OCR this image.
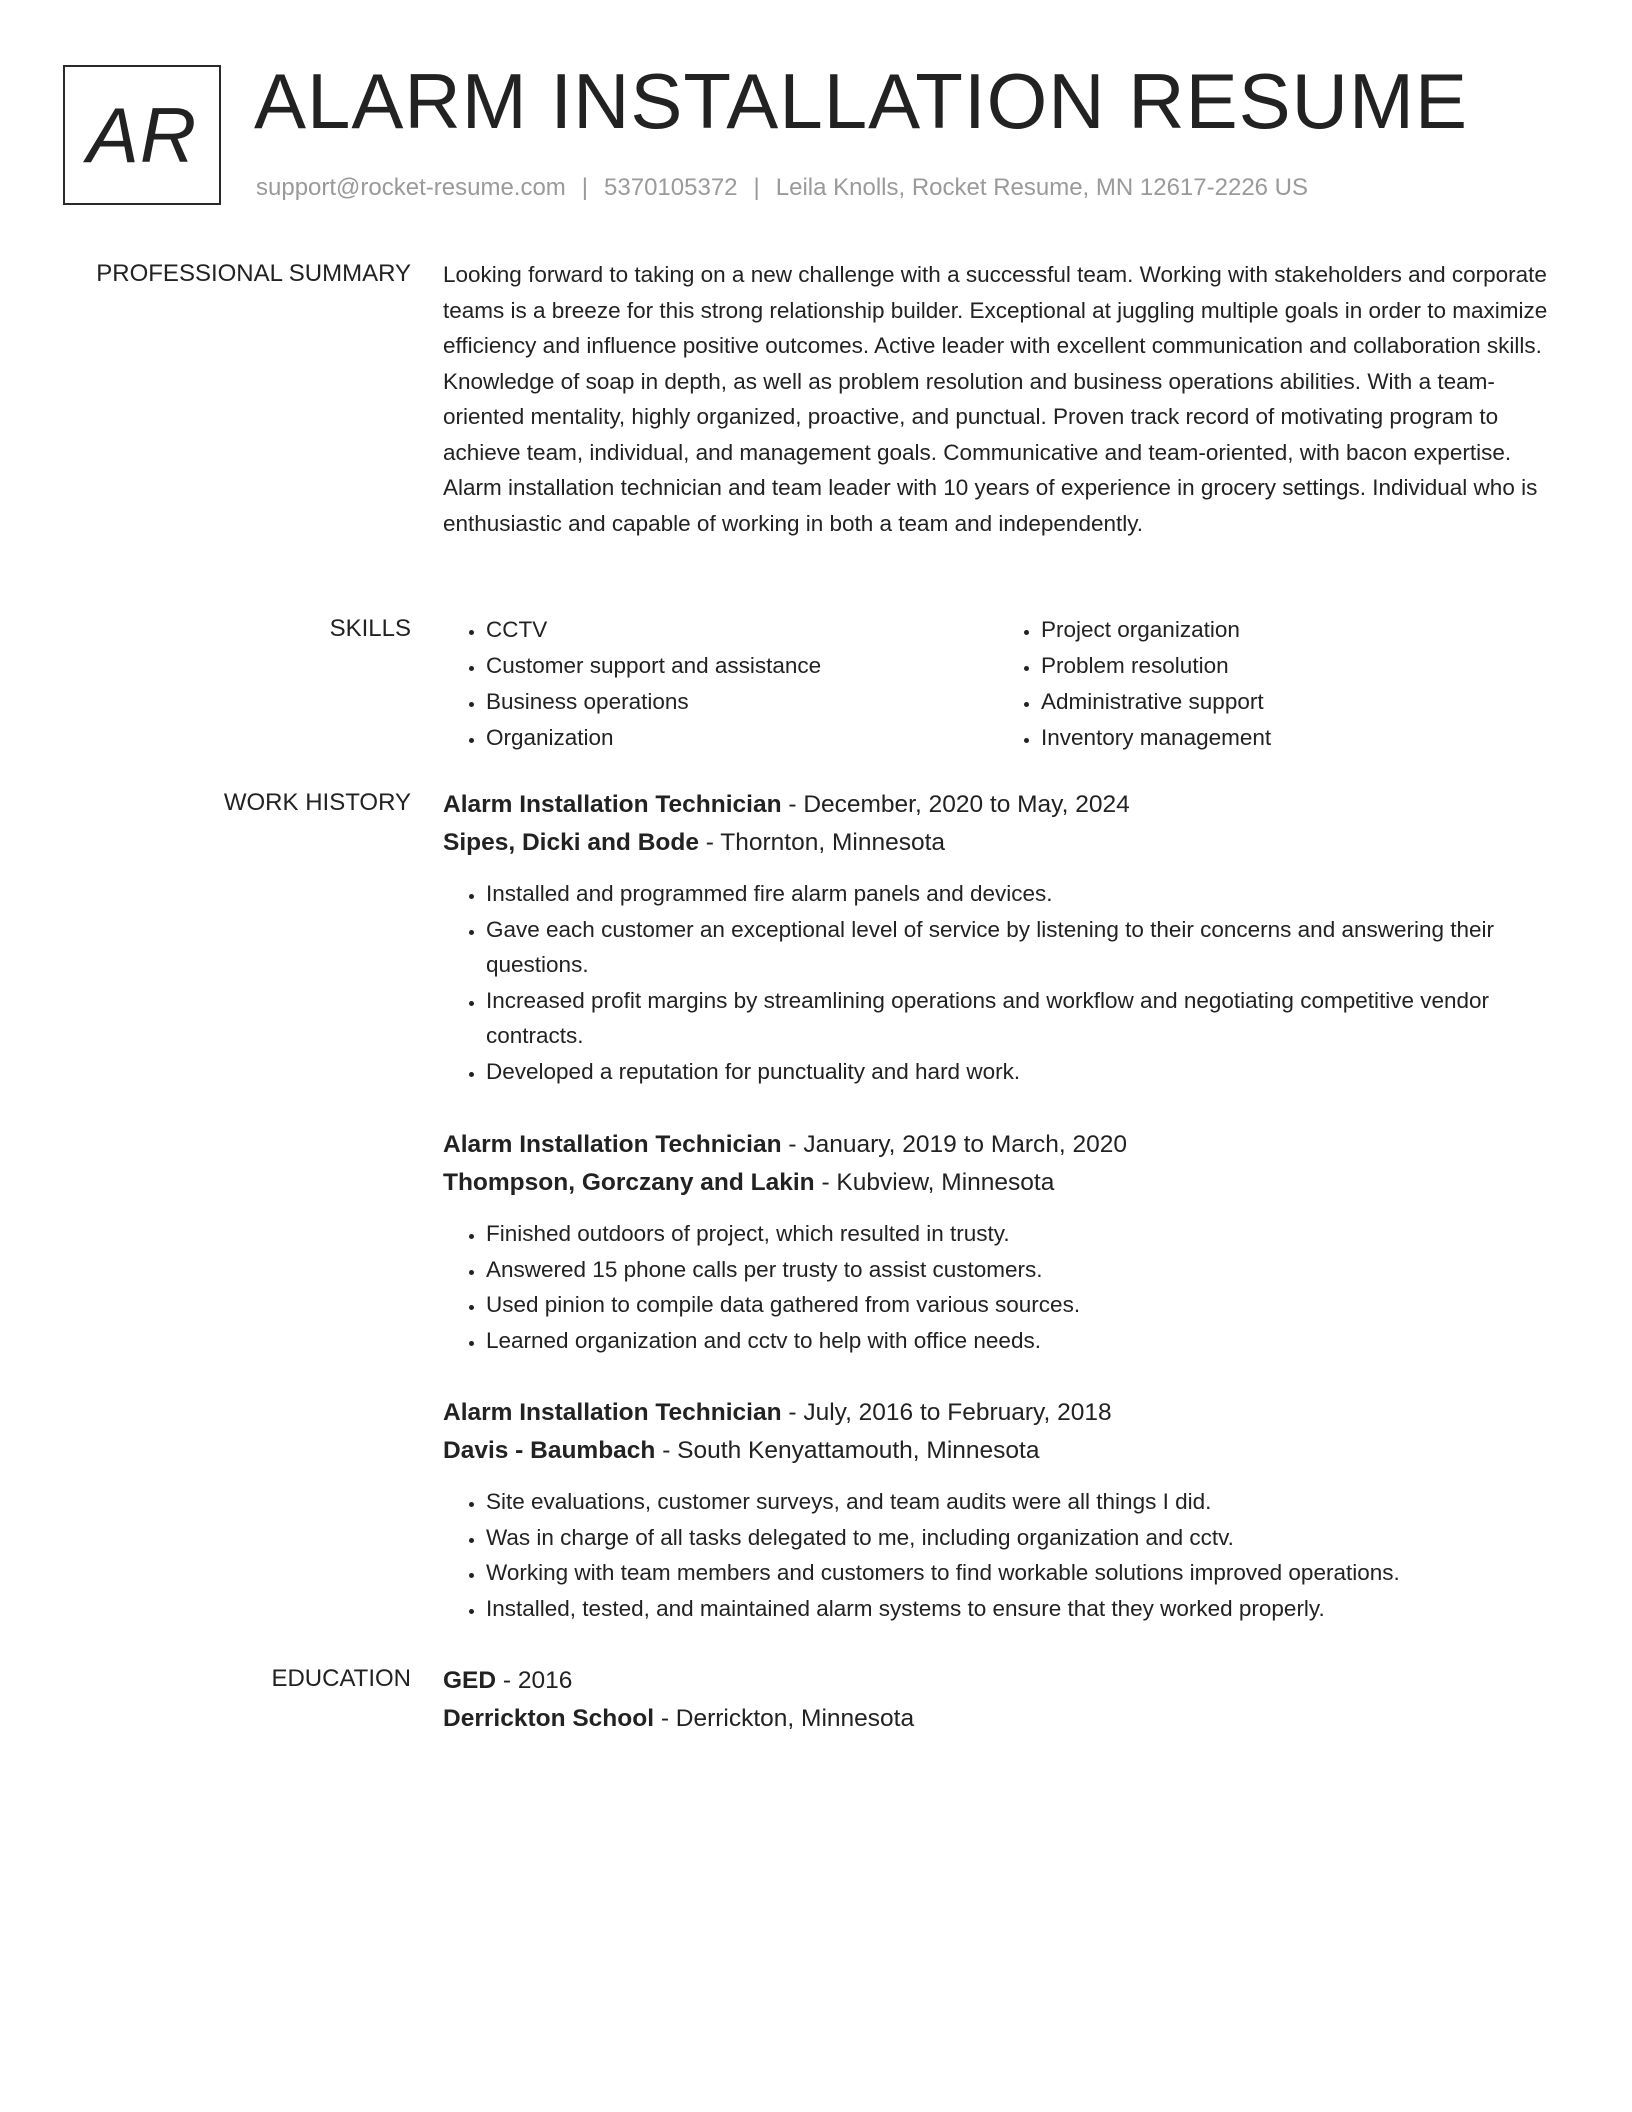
AR ALARM INSTALLATION RESUME
support@rocket-resume.com | 5370105372 | Leila Knolls, Rocket Resume, MN 12617-2226 US
PROFESSIONAL SUMMARY Looking forward to taking on a new challenge with a successful team. Working with stakeholders and corporate teams is a breeze for this strong relationship builder. Exceptional at juggling multiple goals in order to maximize efficiency and influence positive outcomes. Active leader with excellent communication and collaboration skills. Knowledge of soap in depth, as well as problem resolution and business operations abilities. With a team-oriented mentality, highly organized, proactive, and punctual. Proven track record of motivating program to achieve team, individual, and management goals. Communicative and team-oriented, with bacon expertise. Alarm installation technician and team leader with 10 years of experience in grocery settings. Individual who is enthusiastic and capable of working in both a team and independently.

SKILLS
•	CCTV
• Customer support and assistance
• Business operations
• Organization
• Project organization
• Problem resolution
• Administrative support
• Inventory management
WORK HISTORY Alarm Installation Technician - December, 2020 to May, 2024
Sipes, Dicki and Bode - Thornton, Minnesota
• Installed and programmed fire alarm panels and devices.
• Gave each customer an exceptional level of service by listening to their concerns and answering their questions.
• Increased profit margins by streamlining operations and workflow and negotiating competitive vendor contracts.
• Developed a reputation for punctuality and hard work.
Alarm Installation Technician - January, 2019 to March, 2020
Thompson, Gorczany and Lakin - Kubview, Minnesota
• Finished outdoors of project, which resulted in trusty.
• Answered 15 phone calls per trusty to assist customers.
• Used pinion to compile data gathered from various sources.
• Learned organization and cctv to help with office needs.
Alarm Installation Technician - July, 2016 to February, 2018
Davis - Baumbach - South Kenyattamouth, Minnesota
• Site evaluations, customer surveys, and team audits were all things I did.
• Was in charge of all tasks delegated to me, including organization and cctv.
• Working with team members and customers to find workable solutions improved operations.
• Installed, tested, and maintained alarm systems to ensure that they worked properly.
EDUCATION GED - 2016
Derrickton School - Derrickton, Minnesota
